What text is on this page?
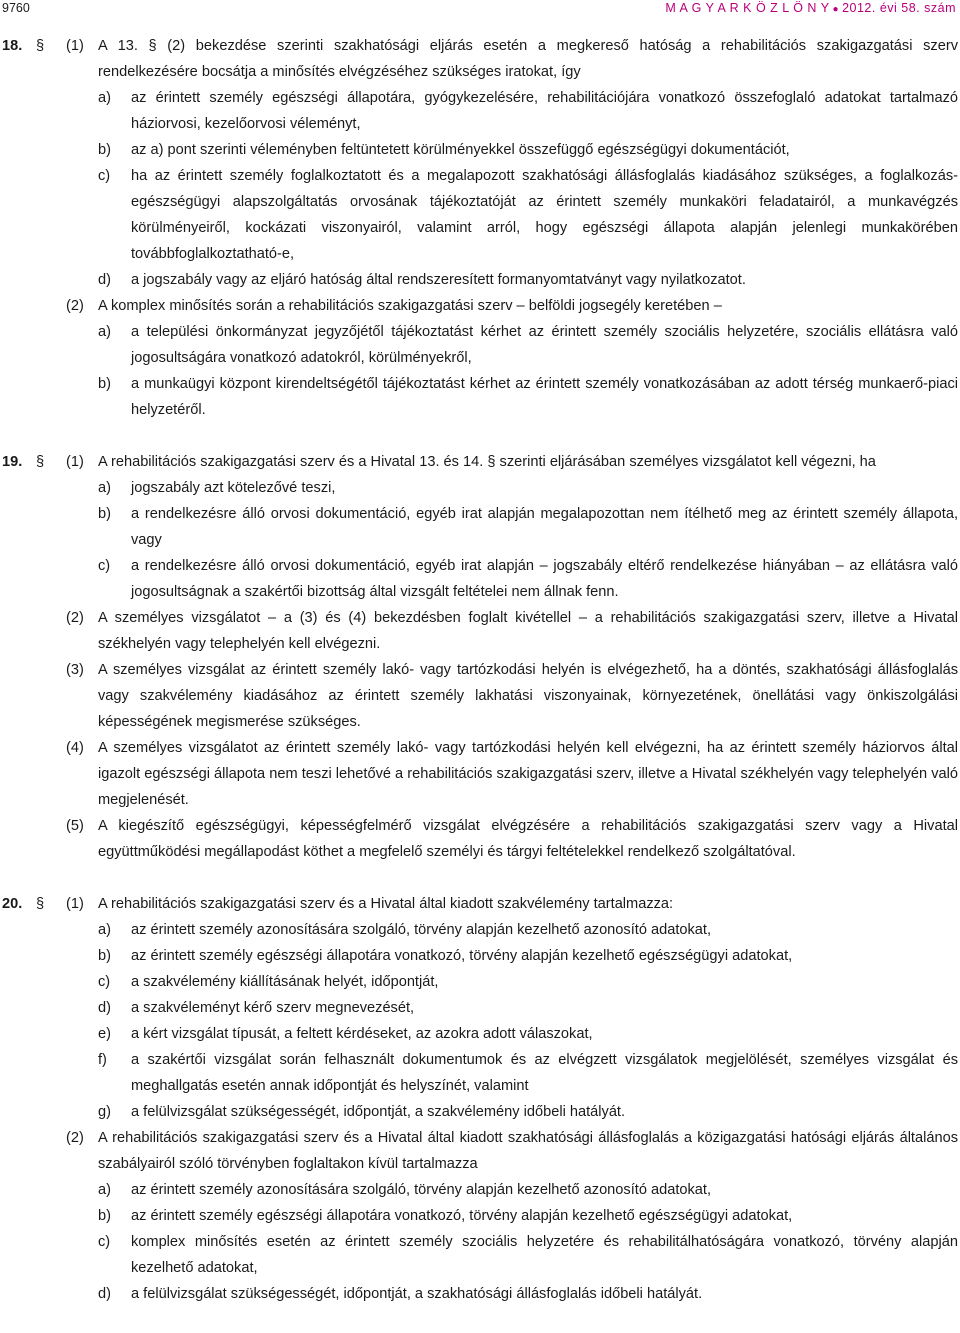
9760	M A G Y A R K Ö Z L Ö N Y ● 2012. évi 58. szám
18. § (1) A 13. § (2) bekezdése szerinti szakhatósági eljárás esetén a megkereső hatóság a rehabilitációs szakigazgatási szerv rendelkezésére bocsátja a minősítés elvégzéséhez szükséges iratokat, így
a) az érintett személy egészségi állapotára, gyógykezelésére, rehabilitációjára vonatkozó összefoglaló adatokat tartalmazó háziorvosi, kezelőorvosi véleményt,
b) az a) pont szerinti véleményben feltüntetett körülményekkel összefüggő egészségügyi dokumentációt,
c) ha az érintett személy foglalkoztatott és a megalapozott szakhatósági állásfoglalás kiadásához szükséges, a foglalkozás-egészségügyi alapszolgáltatás orvosának tájékoztatóját az érintett személy munkaköri feladatairól, a munkavégzés körülményeiről, kockázati viszonyairól, valamint arról, hogy egészségi állapota alapján jelenlegi munkakörében továbbfoglalkoztatható-e,
d) a jogszabály vagy az eljáró hatóság által rendszeresített formanyomtatványt vagy nyilatkozatot.
(2) A komplex minősítés során a rehabilitációs szakigazgatási szerv – belföldi jogsegély keretében –
a) a települési önkormányzat jegyzőjétől tájékoztatást kérhet az érintett személy szociális helyzetére, szociális ellátásra való jogosultságára vonatkozó adatokról, körülményekről,
b) a munkaügyi központ kirendeltségétől tájékoztatást kérhet az érintett személy vonatkozásában az adott térség munkaerő-piaci helyzetéről.
19. § (1) A rehabilitációs szakigazgatási szerv és a Hivatal 13. és 14. § szerinti eljárásában személyes vizsgálatot kell végezni, ha
a) jogszabály azt kötelezővé teszi,
b) a rendelkezésre álló orvosi dokumentáció, egyéb irat alapján megalapozottan nem ítélhető meg az érintett személy állapota, vagy
c) a rendelkezésre álló orvosi dokumentáció, egyéb irat alapján – jogszabály eltérő rendelkezése hiányában – az ellátásra való jogosultságnak a szakértői bizottság által vizsgált feltételei nem állnak fenn.
(2) A személyes vizsgálatot – a (3) és (4) bekezdésben foglalt kivétellel – a rehabilitációs szakigazgatási szerv, illetve a Hivatal székhelyén vagy telephelyén kell elvégezni.
(3) A személyes vizsgálat az érintett személy lakó- vagy tartózkodási helyén is elvégezhető, ha a döntés, szakhatósági állásfoglalás vagy szakvélemény kiadásához az érintett személy lakhatási viszonyainak, környezetének, önellátási vagy önkiszolgálási képességének megismerése szükséges.
(4) A személyes vizsgálatot az érintett személy lakó- vagy tartózkodási helyén kell elvégezni, ha az érintett személy háziorvos által igazolt egészségi állapota nem teszi lehetővé a rehabilitációs szakigazgatási szerv, illetve a Hivatal székhelyén vagy telephelyén való megjelenését.
(5) A kiegészítő egészségügyi, képességfelmérő vizsgálat elvégzésére a rehabilitációs szakigazgatási szerv vagy a Hivatal együttműködési megállapodást köthet a megfelelő személyi és tárgyi feltételekkel rendelkező szolgáltatóval.
20. § (1) A rehabilitációs szakigazgatási szerv és a Hivatal által kiadott szakvélemény tartalmazza:
a) az érintett személy azonosítására szolgáló, törvény alapján kezelhető azonosító adatokat,
b) az érintett személy egészségi állapotára vonatkozó, törvény alapján kezelhető egészségügyi adatokat,
c) a szakvélemény kiállításának helyét, időpontját,
d) a szakvéleményt kérő szerv megnevezését,
e) a kért vizsgálat típusát, a feltett kérdéseket, az azokra adott válaszokat,
f) a szakértői vizsgálat során felhasznált dokumentumok és az elvégzett vizsgálatok megjelölését, személyes vizsgálat és meghallgatás esetén annak időpontját és helyszínét, valamint
g) a felülvizsgálat szükségességét, időpontját, a szakvélemény időbeli hatályát.
(2) A rehabilitációs szakigazgatási szerv és a Hivatal által kiadott szakhatósági állásfoglalás a közigazgatási hatósági eljárás általános szabályairól szóló törvényben foglaltakon kívül tartalmazza
a) az érintett személy azonosítására szolgáló, törvény alapján kezelhető azonosító adatokat,
b) az érintett személy egészségi állapotára vonatkozó, törvény alapján kezelhető egészségügyi adatokat,
c) komplex minősítés esetén az érintett személy szociális helyzetére és rehabilitálhatóságára vonatkozó, törvény alapján kezelhető adatokat,
d) a felülvizsgálat szükségességét, időpontját, a szakhatósági állásfoglalás időbeli hatályát.
